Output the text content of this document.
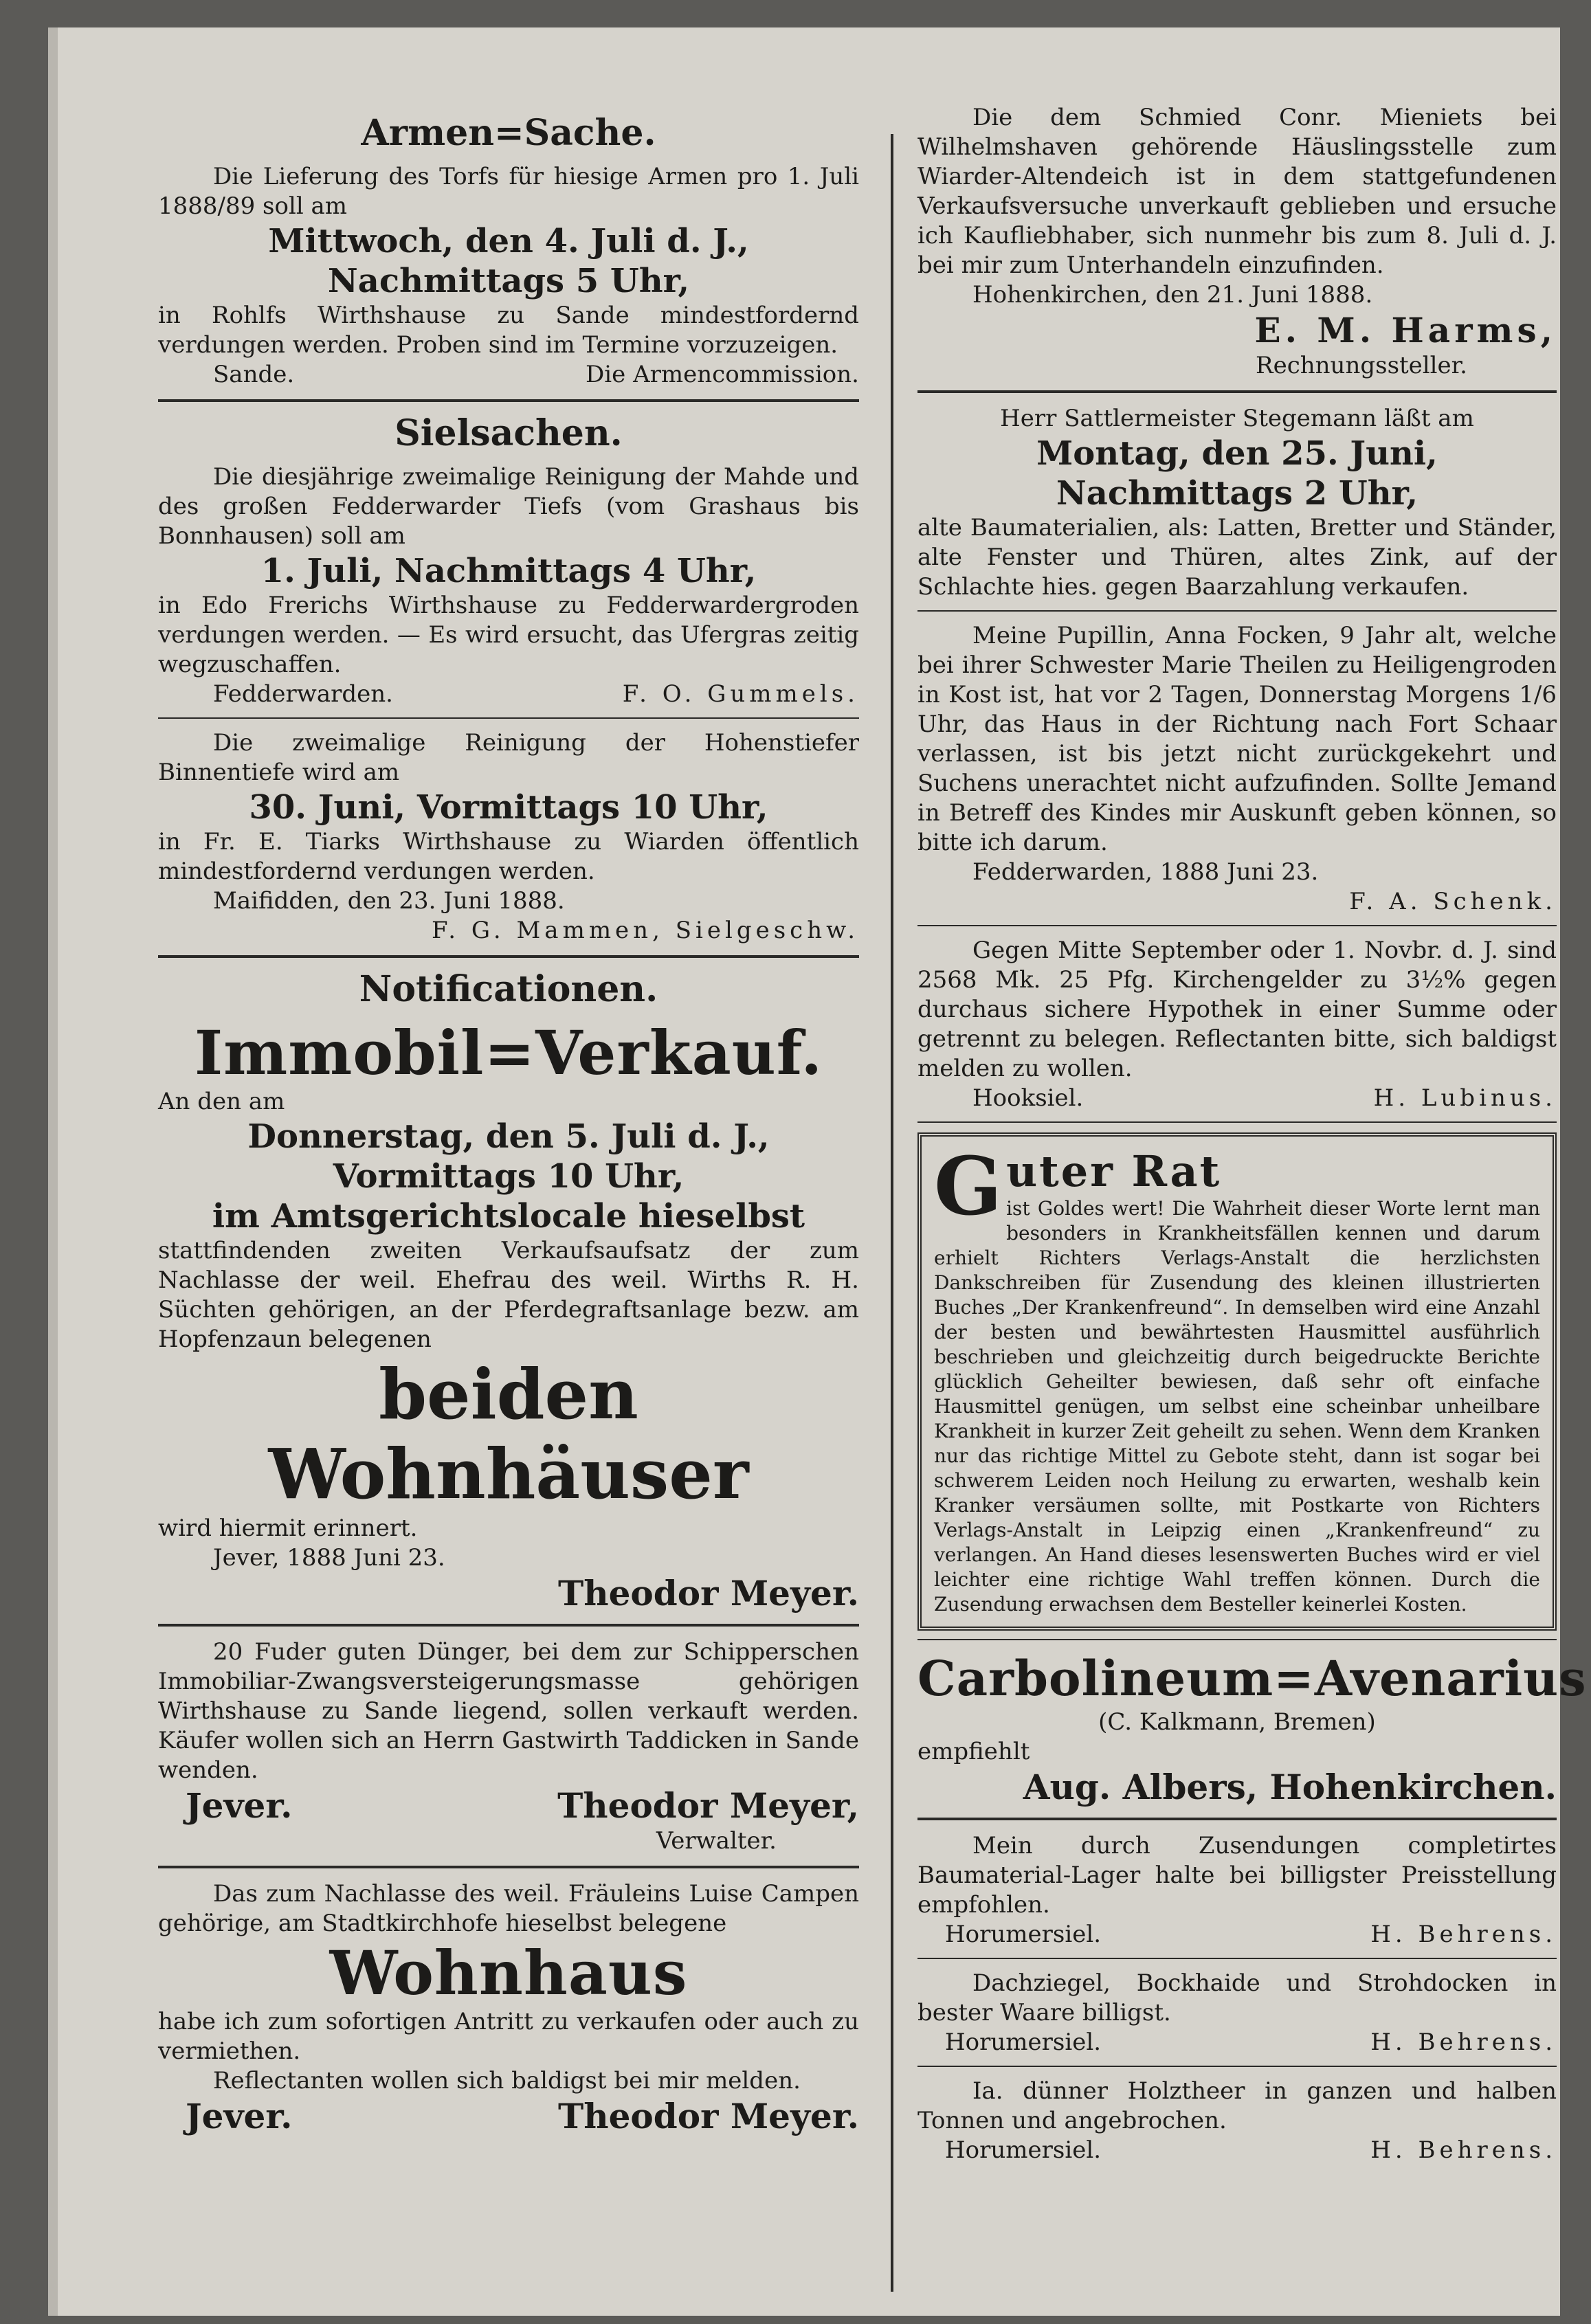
Armen=Sache.

Die Lieferung des Torfs für hiesige Armen pro 1. Juli 1888/89 soll am

Mittwoch, den 4. Juli d. J.,
Nachmittags 5 Uhr,

in Rohlfs Wirthshause zu Sande mindestfordernd verdungen werden. Proben sind im Termine vorzuzeigen.

Sande.	Die Armencommission.
Sielsachen.

Die diesjährige zweimalige Reinigung der Mahde und des großen Fedderwarder Tiefs (vom Grashaus bis Bonnhausen) soll am

1. Juli, Nachmittags 4 Uhr,

in Edo Frerichs Wirthshause zu Fedderwardergroden verdungen werden. — Es wird ersucht, das Ufergras zeitig wegzuschaffen.

Fedderwarden.	F. O. Gummels.

Die zweimalige Reinigung der Hohenstiefer Binnentiefe wird am

30. Juni, Vormittags 10 Uhr,

in Fr. E. Tiarks Wirthshause zu Wiarden öffentlich mindestfordernd verdungen werden.

Maifidden, den 23. Juni 1888.

F. G. Mammen, Sielgeschw.

Notificationen.
Immobil=Verkauf.

An den am

Donnerstag, den 5. Juli d. J.,
Vormittags 10 Uhr,
im Amtsgerichtslocale hieselbst

stattfindenden zweiten Verkaufsaufsatz der zum Nachlasse der weil. Ehefrau des weil. Wirths R. H. Süchten gehörigen, an der Pferdegraftsanlage bezw. am Hopfenzaun belegenen

beiden Wohnhäuser

wird hiermit erinnert.

Jever, 1888 Juni 23.

Theodor Meyer.

20 Fuder guten Dünger, bei dem zur Schipperschen Immobiliar-Zwangsversteigerungsmasse gehörigen Wirthshause zu Sande liegend, sollen verkauft werden. Käufer wollen sich an Herrn Gastwirth Taddicken in Sande wenden.

Jever.	Theodor Meyer,

Verwalter.

Das zum Nachlasse des weil. Fräuleins Luise Campen gehörige, am Stadtkirchhofe hieselbst belegene

Wohnhaus

habe ich zum sofortigen Antritt zu verkaufen oder auch zu vermiethen.

Reflectanten wollen sich baldigst bei mir melden.

Jever.	Theodor Meyer.

Die dem Schmied Conr. Mieniets bei Wilhelmshaven gehörende Häuslingsstelle zum Wiarder-Altendeich ist in dem stattgefundenen Verkaufsversuche unverkauft geblieben und ersuche ich Kaufliebhaber, sich nunmehr bis zum 8. Juli d. J. bei mir zum Unterhandeln einzufinden.

Hohenkirchen, den 21. Juni 1888.

E. M. Harms,

Rechnungssteller.

Herr Sattlermeister Stegemann läßt am

Montag, den 25. Juni,
Nachmittags 2 Uhr,

alte Baumaterialien, als: Latten, Bretter und Ständer, alte Fenster und Thüren, altes Zink, auf der Schlachte hies. gegen Baarzahlung verkaufen.

Meine Pupillin, Anna Focken, 9 Jahr alt, welche bei ihrer Schwester Marie Theilen zu Heiligengroden in Kost ist, hat vor 2 Tagen, Donnerstag Morgens 1/6 Uhr, das Haus in der Richtung nach Fort Schaar verlassen, ist bis jetzt nicht zurückgekehrt und Suchens unerachtet nicht aufzufinden. Sollte Jemand in Betreff des Kindes mir Auskunft geben können, so bitte ich darum.

Fedderwarden, 1888 Juni 23.

F. A. Schenk.

Gegen Mitte September oder 1. Novbr. d. J. sind 2568 Mk. 25 Pfg. Kirchengelder zu 3½% gegen durchaus sichere Hypothek in einer Summe oder getrennt zu belegen. Reflectanten bitte, sich baldigst melden zu wollen.

Hooksiel.	H. Lubinus.
G uter Rat

ist Goldes wert! Die Wahrheit dieser Worte lernt man besonders in Krankheitsfällen kennen und darum erhielt Richters Verlags-Anstalt die herzlichsten Dankschreiben für Zusendung des kleinen illustrierten Buches „Der Krankenfreund“. In demselben wird eine Anzahl der besten und bewährtesten Hausmittel ausführlich beschrieben und gleichzeitig durch beigedruckte Berichte glücklich Geheilter bewiesen, daß sehr oft einfache Hausmittel genügen, um selbst eine scheinbar unheilbare Krankheit in kurzer Zeit geheilt zu sehen. Wenn dem Kranken nur das richtige Mittel zu Gebote steht, dann ist sogar bei schwerem Leiden noch Heilung zu erwarten, weshalb kein Kranker versäumen sollte, mit Postkarte von Richters Verlags-Anstalt in Leipzig einen „Krankenfreund“ zu verlangen. An Hand dieses lesenswerten Buches wird er viel leichter eine richtige Wahl treffen können. Durch die Zusendung erwachsen dem Besteller keinerlei Kosten.

Carbolineum=Avenarius

(C. Kalkmann, Bremen)

empfiehlt

Aug. Albers, Hohenkirchen.

Mein durch Zusendungen completirtes Baumaterial-Lager halte bei billigster Preisstellung empfohlen.

Horumersiel.	H. Behrens.

Dachziegel, Bockhaide und Strohdocken in bester Waare billigst.

Horumersiel.	H. Behrens.

Ia. dünner Holztheer in ganzen und halben Tonnen und angebrochen.

Horumersiel.	H. Behrens.
